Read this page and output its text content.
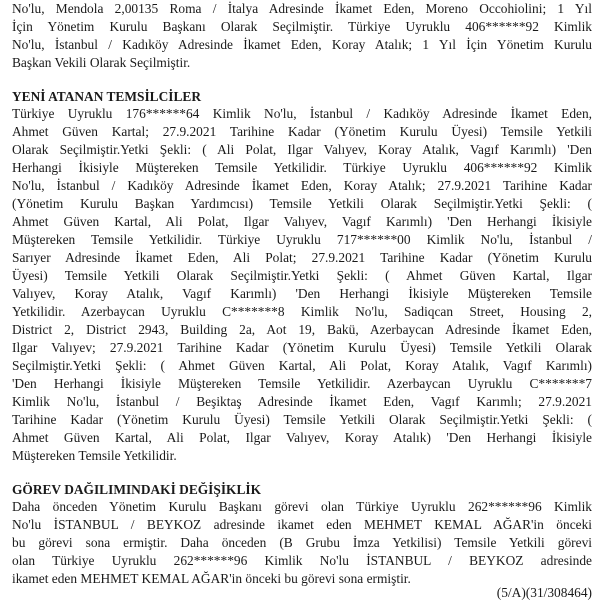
No'lu, Mendola 2,00135 Roma / İtalya Adresinde İkamet Eden, Moreno Occohiolini; 1 Yıl
İçin Yönetim Kurulu Başkanı Olarak Seçilmiştir. Türkiye Uyruklu 406******92 Kimlik
No'lu, İstanbul / Kadıköy Adresinde İkamet Eden, Koray Atalık; 1 Yıl İçin Yönetim Kurulu
Başkan Vekili Olarak Seçilmiştir.
YENİ ATANAN TEMSİLCİLER
Türkiye Uyruklu 176******64 Kimlik No'lu, İstanbul / Kadıköy Adresinde İkamet Eden,
Ahmet Güven Kartal; 27.9.2021 Tarihine Kadar (Yönetim Kurulu Üyesi) Temsile Yetkili
Olarak Seçilmiştir.Yetki Şekli: ( Ali Polat, Ilgar Valıyev, Koray Atalık, Vagıf Karımlı) 'Den
Herhangi İkisiyle Müştereken Temsile Yetkilidir. Türkiye Uyruklu 406******92 Kimlik
No'lu, İstanbul / Kadıköy Adresinde İkamet Eden, Koray Atalık; 27.9.2021 Tarihine Kadar
(Yönetim Kurulu Başkan Yardımcısı) Temsile Yetkili Olarak Seçilmiştir.Yetki Şekli: (
Ahmet Güven Kartal, Ali Polat, Ilgar Valıyev, Vagıf Karımlı) 'Den Herhangi İkisiyle
Müştereken Temsile Yetkilidir. Türkiye Uyruklu 717******00 Kimlik No'lu, İstanbul /
Sarıyer Adresinde İkamet Eden, Ali Polat; 27.9.2021 Tarihine Kadar (Yönetim Kurulu
Üyesi) Temsile Yetkili Olarak Seçilmiştir.Yetki Şekli: ( Ahmet Güven Kartal, Ilgar
Valıyev, Koray Atalık, Vagıf Karımlı) 'Den Herhangi İkisiyle Müştereken Temsile
Yetkilidir. Azerbaycan Uyruklu C*******8 Kimlik No'lu, Sadiqcan Street, Housing 2,
District 2, District 2943, Building 2a, Aot 19, Bakü, Azerbaycan Adresinde İkamet Eden,
Ilgar Valıyev; 27.9.2021 Tarihine Kadar (Yönetim Kurulu Üyesi) Temsile Yetkili Olarak
Seçilmiştir.Yetki Şekli: ( Ahmet Güven Kartal, Ali Polat, Koray Atalık, Vagıf Karımlı)
'Den Herhangi İkisiyle Müştereken Temsile Yetkilidir. Azerbaycan Uyruklu C*******7
Kimlik No'lu, İstanbul / Beşiktaş Adresinde İkamet Eden, Vagıf Karımlı; 27.9.2021
Tarihine Kadar (Yönetim Kurulu Üyesi) Temsile Yetkili Olarak Seçilmiştir.Yetki Şekli: (
Ahmet Güven Kartal, Ali Polat, Ilgar Valıyev, Koray Atalık) 'Den Herhangi İkisiyle
Müştereken Temsile Yetkilidir.
GÖREV DAĞILIMINDAKİ DEĞİŞİKLİK
Daha önceden Yönetim Kurulu Başkanı görevi olan Türkiye Uyruklu 262******96 Kimlik
No'lu İSTANBUL / BEYKOZ adresinde ikamet eden MEHMET KEMAL AĞAR'in önceki
bu görevi sona ermiştir. Daha önceden (B Grubu İmza Yetkilisi) Temsile Yetkili görevi
olan Türkiye Uyruklu 262******96 Kimlik No'lu İSTANBUL / BEYKOZ adresinde
ikamet eden MEHMET KEMAL AĞAR'in önceki bu görevi sona ermiştir.
(5/A)(31/308464)
